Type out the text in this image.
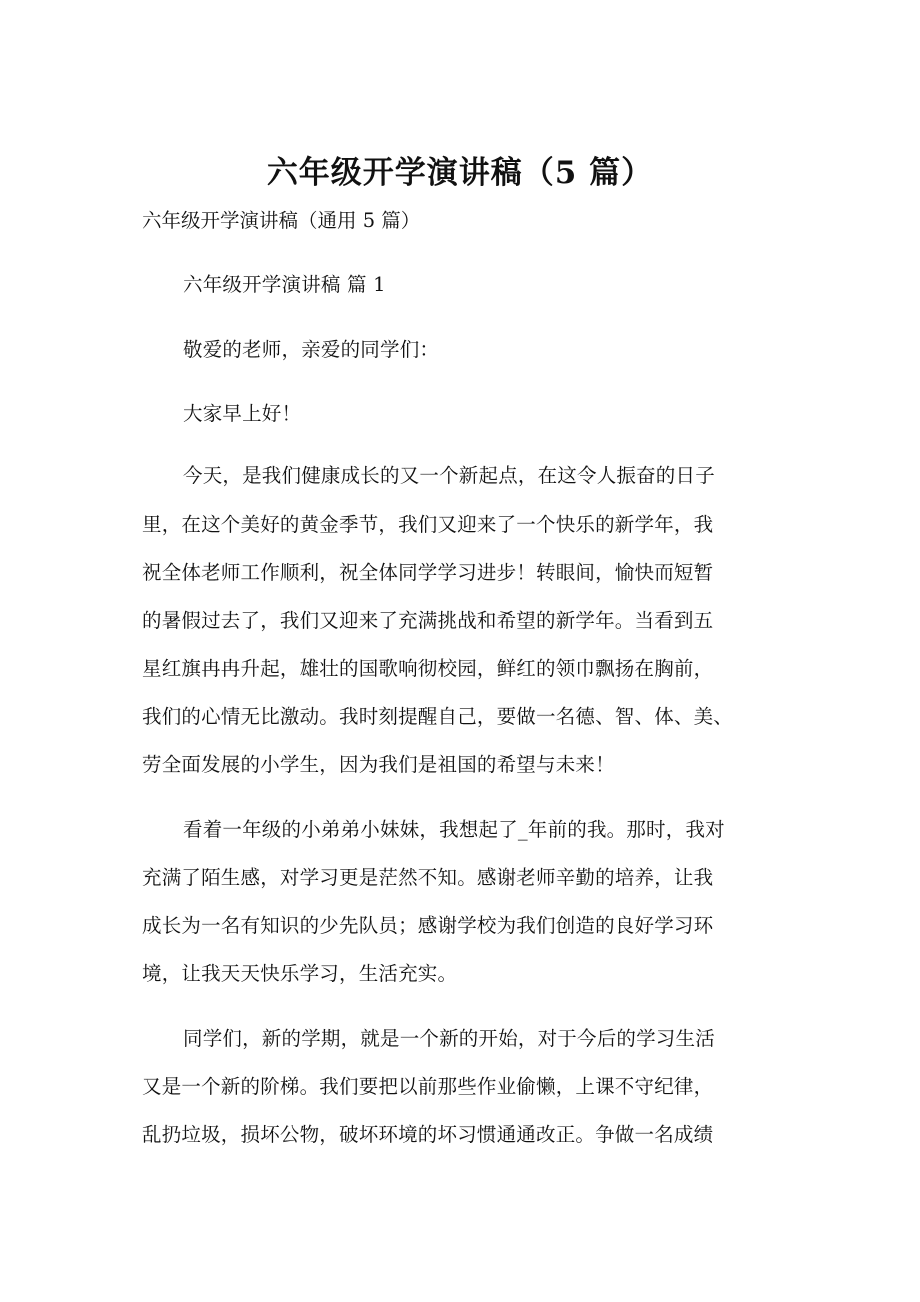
六年级开学演讲稿（5 篇）
六年级开学演讲稿（通用 5 篇）
六年级开学演讲稿 篇 1
敬爱的老师，亲爱的同学们：
大家早上好！
今天，是我们健康成长的又一个新起点，在这令人振奋的日子
里，在这个美好的黄金季节，我们又迎来了一个快乐的新学年，我
祝全体老师工作顺利，祝全体同学学习进步！转眼间，愉快而短暂
的暑假过去了，我们又迎来了充满挑战和希望的新学年。当看到五
星红旗冉冉升起，雄壮的国歌响彻校园，鲜红的领巾飘扬在胸前，
我们的心情无比激动。我时刻提醒自己，要做一名德、智、体、美、
劳全面发展的小学生，因为我们是祖国的希望与未来！
看着一年级的小弟弟小妹妹，我想起了_年前的我。那时，我对
充满了陌生感，对学习更是茫然不知。感谢老师辛勤的培养，让我
成长为一名有知识的少先队员；感谢学校为我们创造的良好学习环
境，让我天天快乐学习，生活充实。
同学们，新的学期，就是一个新的开始，对于今后的学习生活
又是一个新的阶梯。我们要把以前那些作业偷懒，上课不守纪律，
乱扔垃圾，损坏公物，破坏环境的坏习惯通通改正。争做一名成绩
